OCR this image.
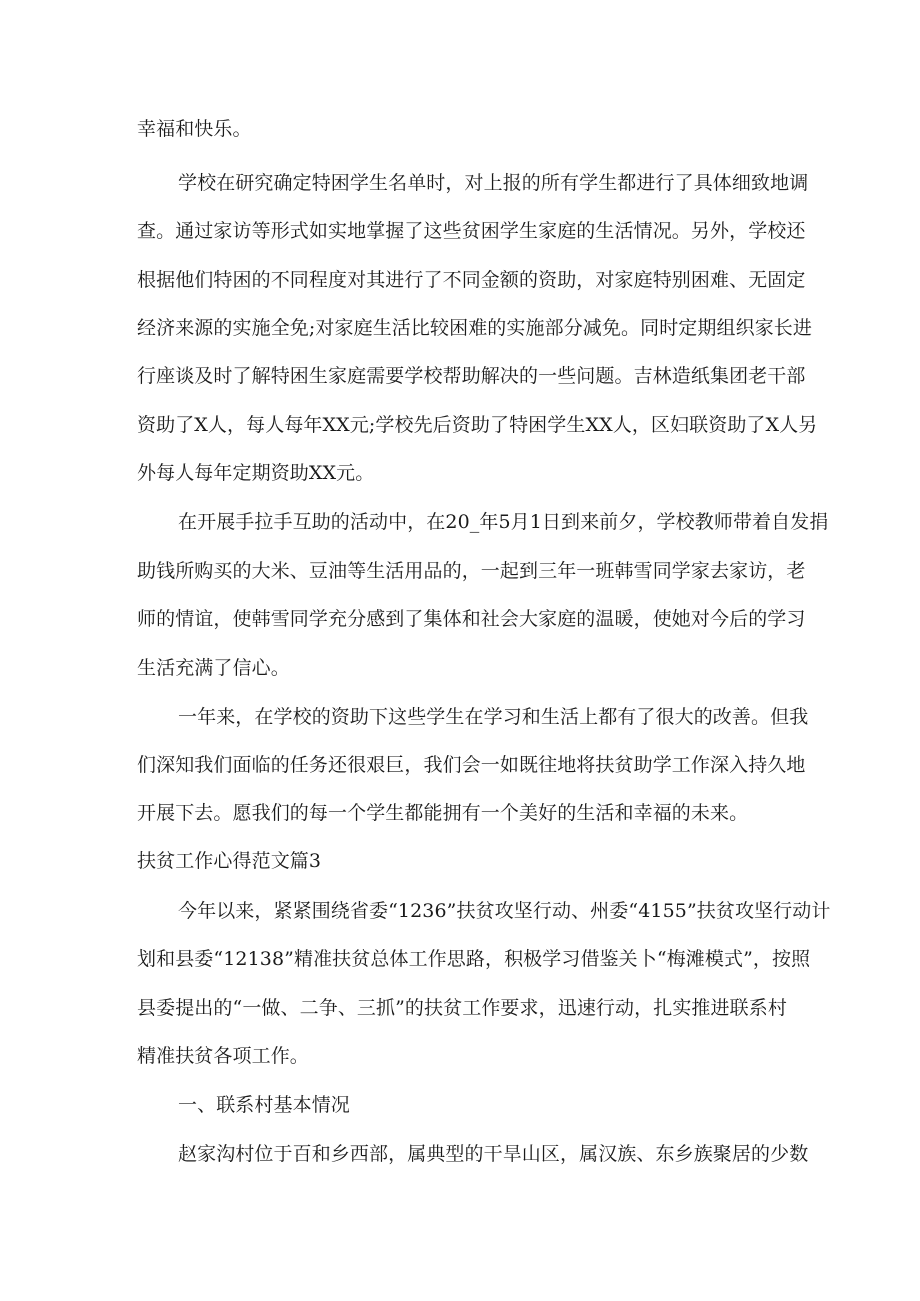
幸福和快乐。

学校在研究确定特困学生名单时，对上报的所有学生都进行了具体细致地调

查。通过家访等形式如实地掌握了这些贫困学生家庭的生活情况。另外，学校还

根据他们特困的不同程度对其进行了不同金额的资助，对家庭特别困难、无固定

经济来源的实施全免;对家庭生活比较困难的实施部分减免。同时定期组织家长进

行座谈及时了解特困生家庭需要学校帮助解决的一些问题。吉林造纸集团老干部

资助了X人，每人每年XX元;学校先后资助了特困学生XX人，区妇联资助了X人另

外每人每年定期资助XX元。

在开展手拉手互助的活动中，在20_年5月1日到来前夕，学校教师带着自发捐

助钱所购买的大米、豆油等生活用品的，一起到三年一班韩雪同学家去家访，老

师的情谊，使韩雪同学充分感到了集体和社会大家庭的温暖，使她对今后的学习

生活充满了信心。

一年来，在学校的资助下这些学生在学习和生活上都有了很大的改善。但我

们深知我们面临的任务还很艰巨，我们会一如既往地将扶贫助学工作深入持久地

开展下去。愿我们的每一个学生都能拥有一个美好的生活和幸福的未来。

扶贫工作心得范文篇3

今年以来，紧紧围绕省委“1236”扶贫攻坚行动、州委“4155”扶贫攻坚行动计

划和县委“12138”精准扶贫总体工作思路，积极学习借鉴关卜“梅滩模式”，按照

县委提出的“一做、二争、三抓”的扶贫工作要求，迅速行动，扎实推进联系村

精准扶贫各项工作。

一、联系村基本情况

赵家沟村位于百和乡西部，属典型的干旱山区，属汉族、东乡族聚居的少数
